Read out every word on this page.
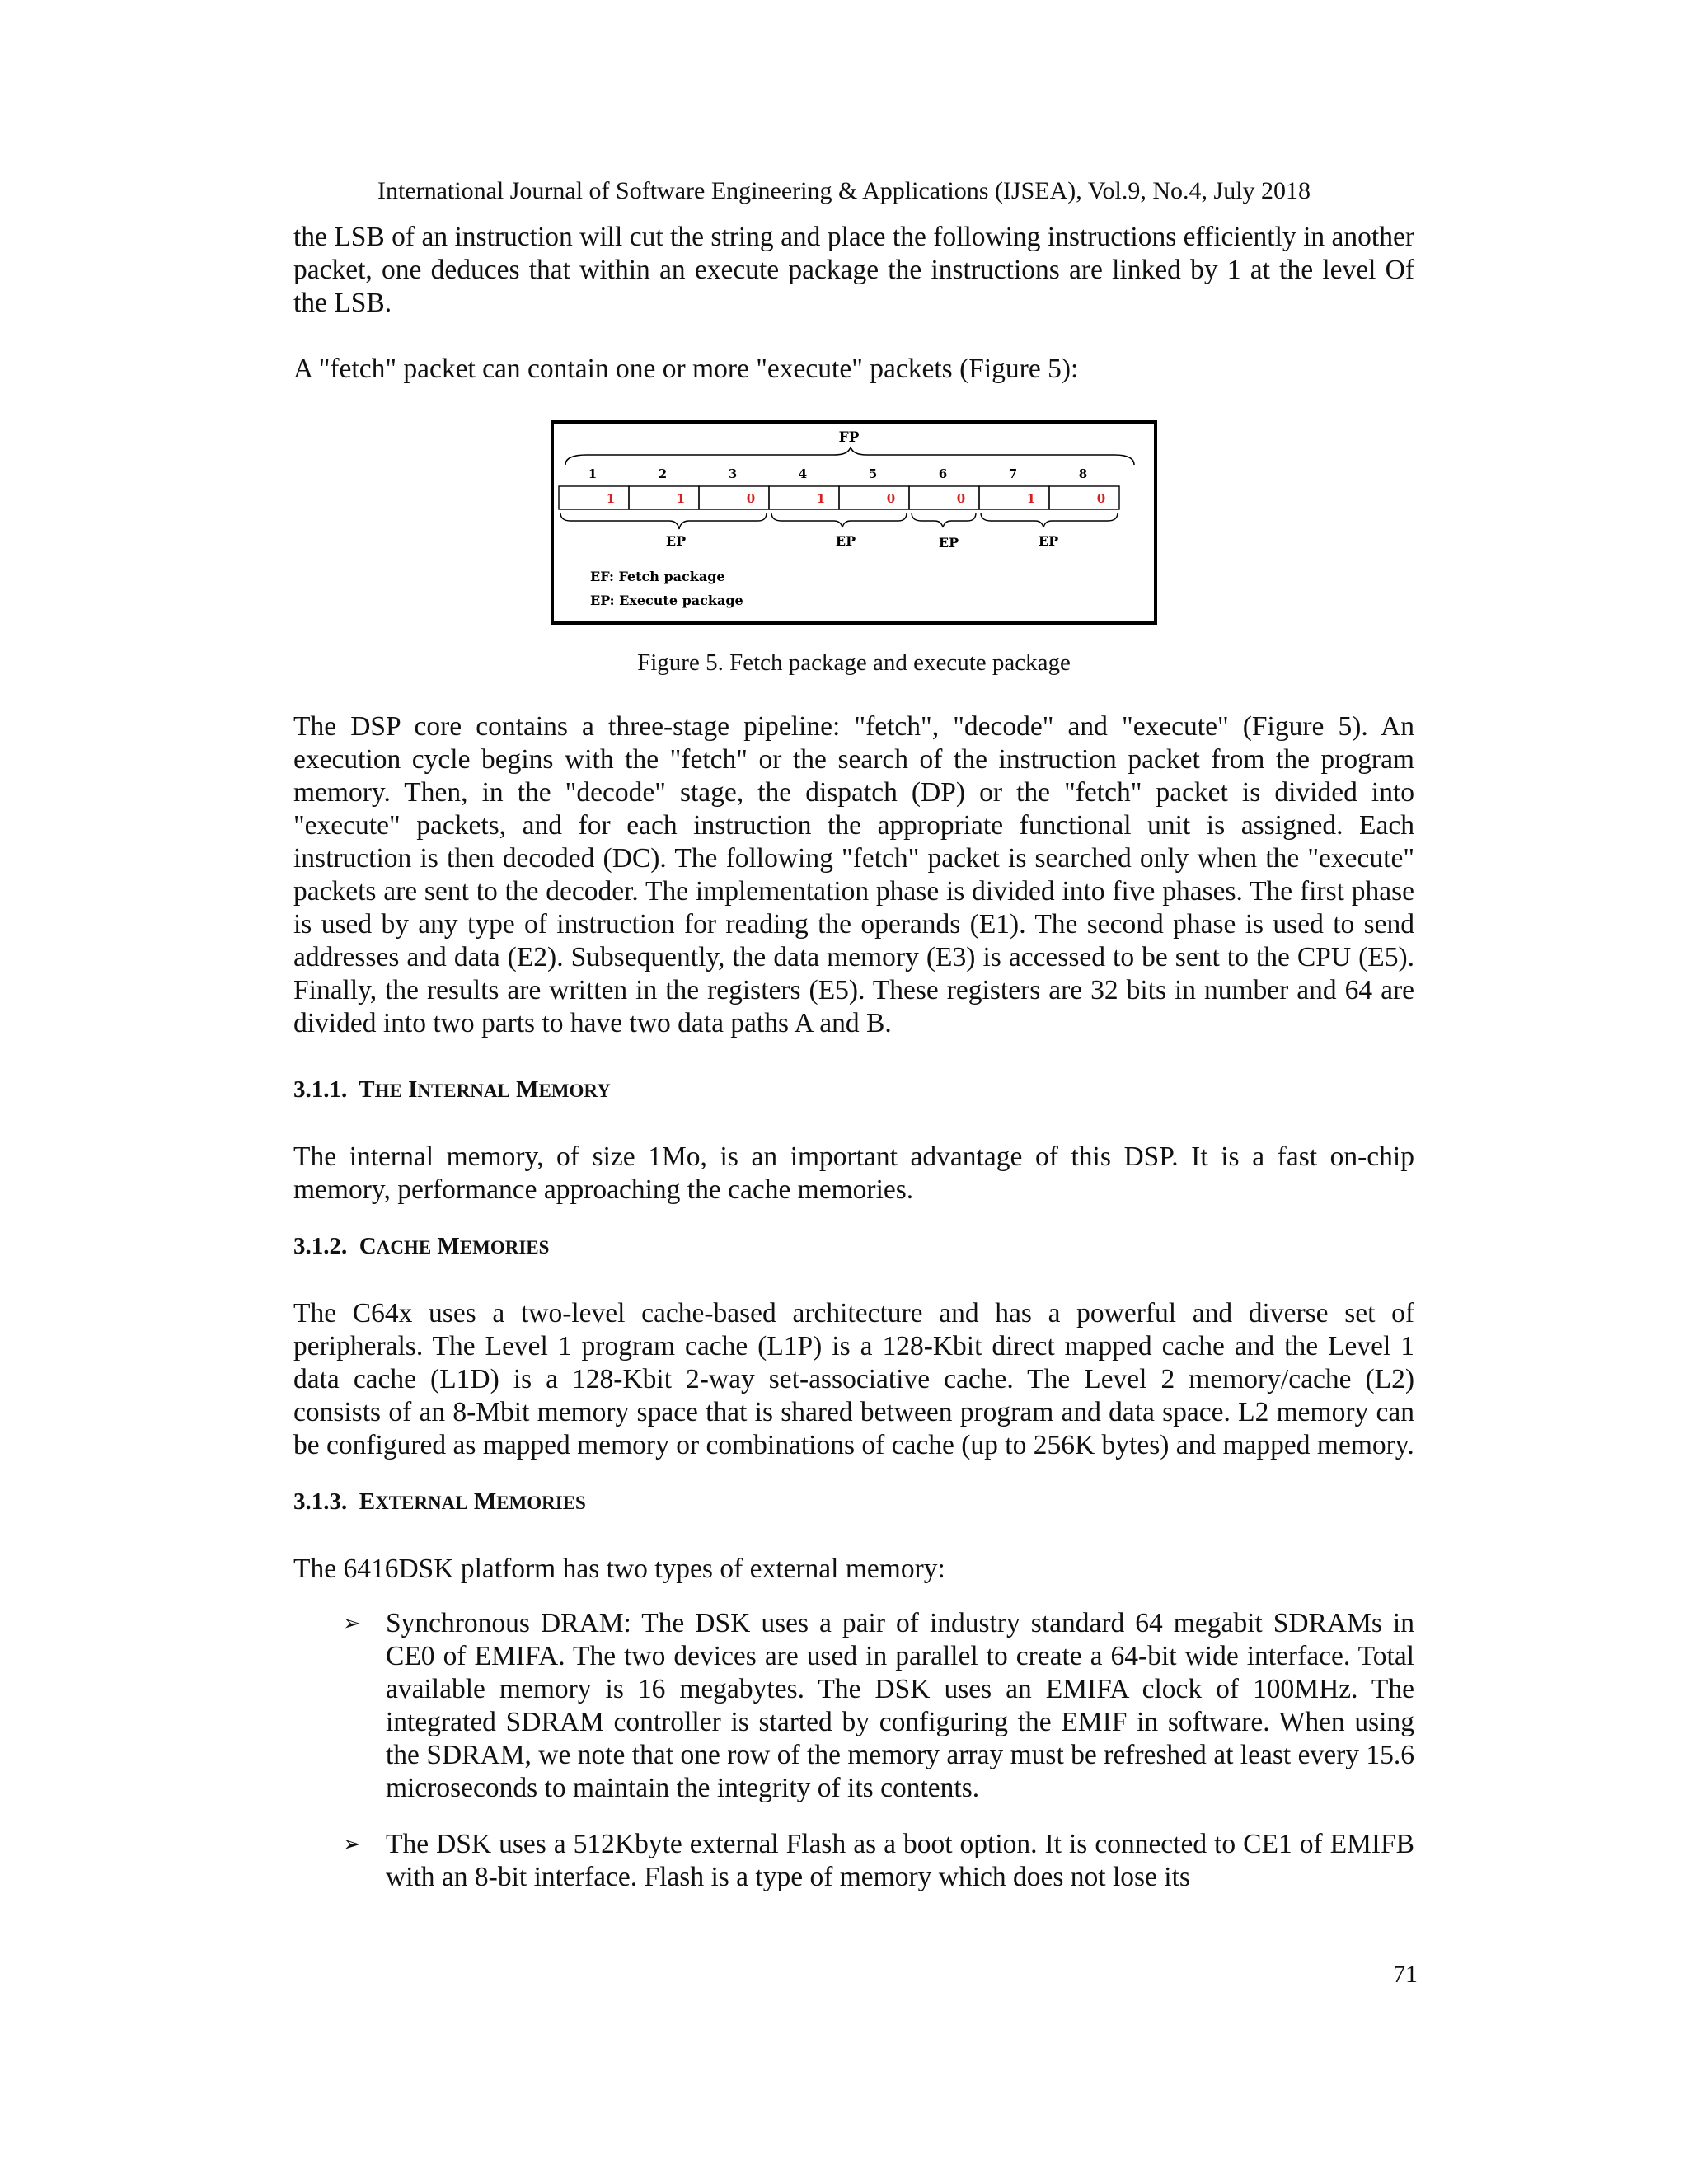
International Journal of Software Engineering & Applications (IJSEA), Vol.9, No.4, July 2018

the LSB of an instruction will cut the string and place the following instructions efficiently in another packet, one deduces that within an execute package the instructions are linked by 1 at the level Of the LSB.

A "fetch" packet can contain one or more "execute" packets (Figure 5):

FP
1	2	3	4	5	6	7	8
1	1	0	1	0	0	1	0
EP	EP	EP	EP
EF: Fetch package
EP: Execute package
Figure 5. Fetch package and execute package

The DSP core contains a three-stage pipeline: "fetch", "decode" and "execute" (Figure 5). An execution cycle begins with the "fetch" or the search of the instruction packet from the program memory. Then, in the "decode" stage, the dispatch (DP) or the "fetch" packet is divided into "execute" packets, and for each instruction the appropriate functional unit is assigned. Each instruction is then decoded (DC). The following "fetch" packet is searched only when the "execute" packets are sent to the decoder. The implementation phase is divided into five phases. The first phase is used by any type of instruction for reading the operands (E1). The second phase is used to send addresses and data (E2). Subsequently, the data memory (E3) is accessed to be sent to the CPU (E5). Finally, the results are written in the registers (E5). These registers are 32 bits in number and 64 are divided into two parts to have two data paths A and B.

3.1.1. THE INTERNAL MEMORY

The internal memory, of size 1Mo, is an important advantage of this DSP. It is a fast on-chip memory, performance approaching the cache memories.

3.1.2. CACHE MEMORIES

The C64x uses a two-level cache-based architecture and has a powerful and diverse set of peripherals. The Level 1 program cache (L1P) is a 128-Kbit direct mapped cache and the Level 1 data cache (L1D) is a 128-Kbit 2-way set-associative cache. The Level 2 memory/cache (L2) consists of an 8-Mbit memory space that is shared between program and data space. L2 memory can be configured as mapped memory or combinations of cache (up to 256K bytes) and mapped memory.

3.1.3. EXTERNAL MEMORIES

The 6416DSK platform has two types of external memory:

➢ Synchronous DRAM: The DSK uses a pair of industry standard 64 megabit SDRAMs in CE0 of EMIFA. The two devices are used in parallel to create a 64-bit wide interface. Total available memory is 16 megabytes. The DSK uses an EMIFA clock of 100MHz. The integrated SDRAM controller is started by configuring the EMIF in software. When using the SDRAM, we note that one row of the memory array must be refreshed at least every 15.6 microseconds to maintain the integrity of its contents.

➢ The DSK uses a 512Kbyte external Flash as a boot option. It is connected to CE1 of EMIFB with an 8-bit interface. Flash is a type of memory which does not lose its

71
